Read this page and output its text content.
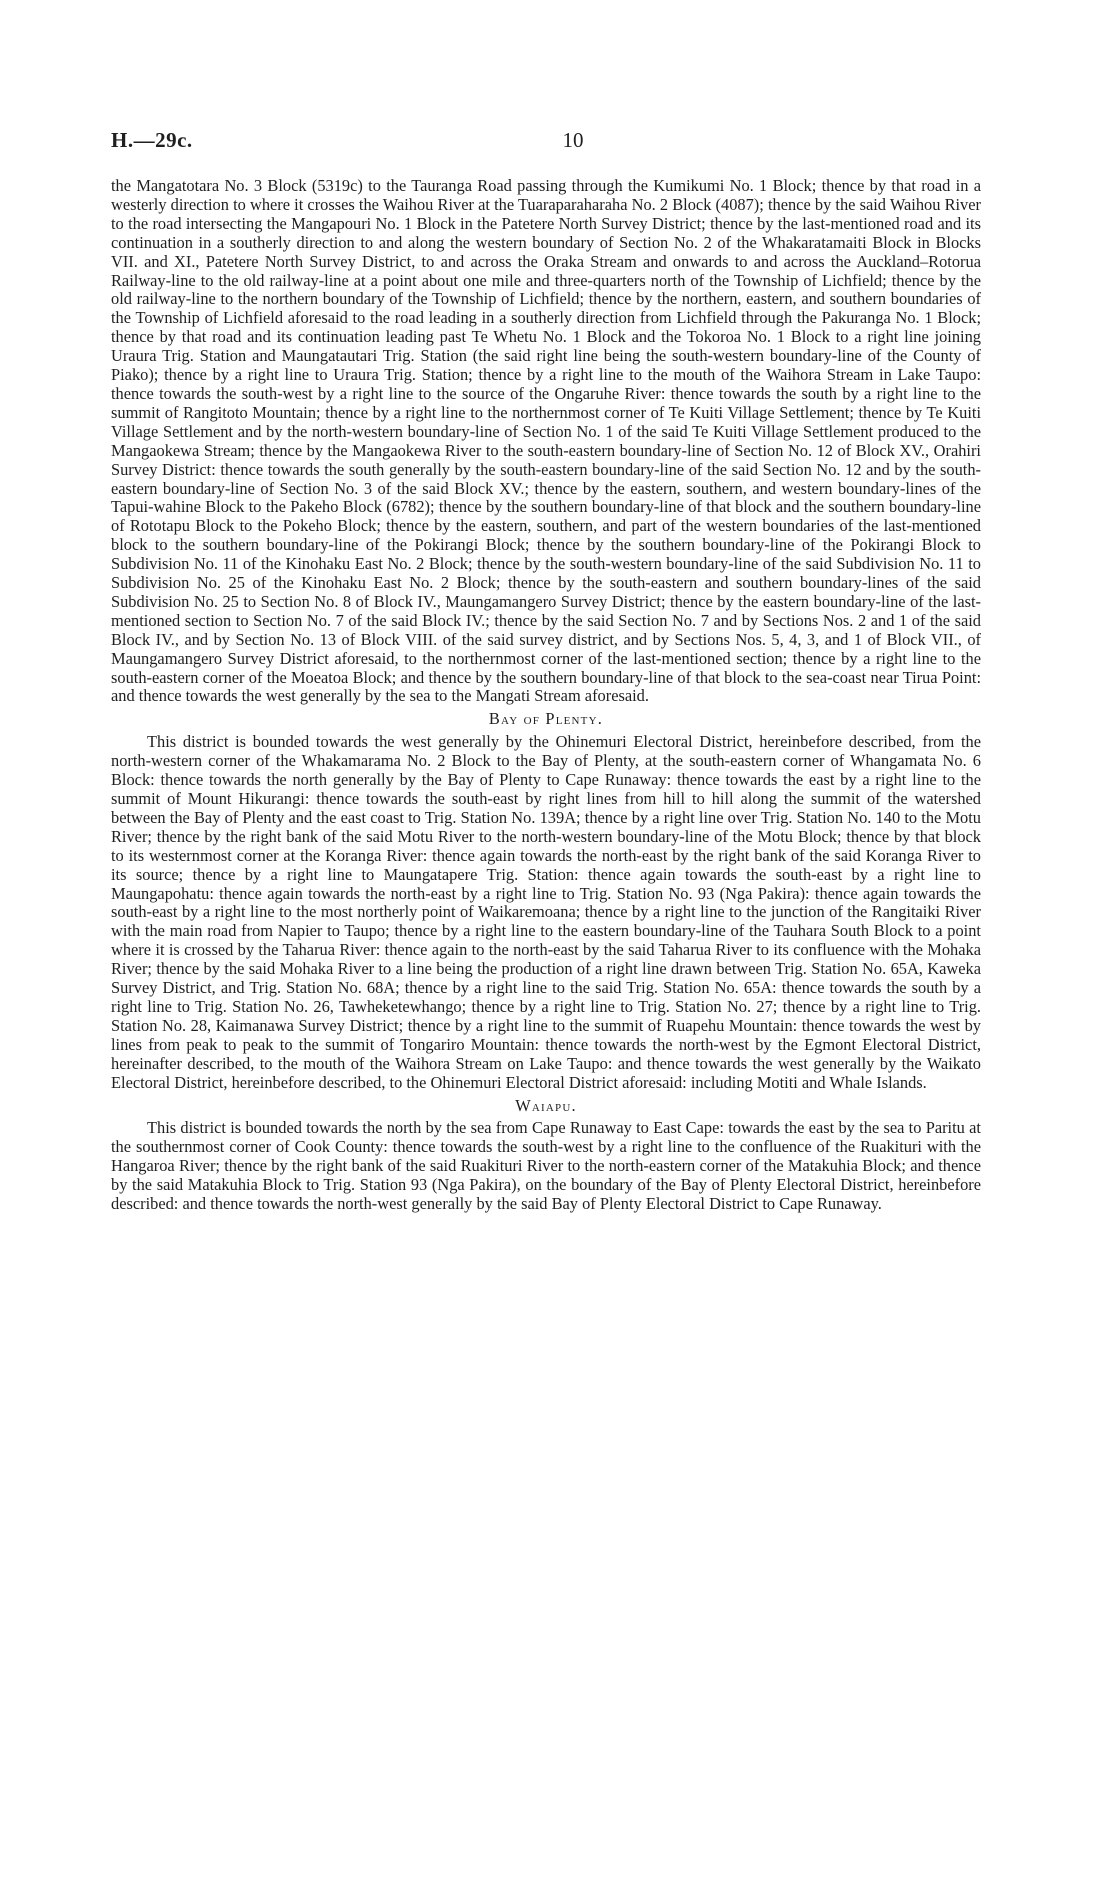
H.—29c.	10

the Mangatotara No. 3 Block (5319c) to the Tauranga Road passing through the Kumikumi No. 1 Block; thence by that road in a westerly direction to where it crosses the Waihou River at the Tuaraparaharaha No. 2 Block (4087); thence by the said Waihou River to the road intersecting the Mangapouri No. 1 Block in the Patetere North Survey District; thence by the last-mentioned road and its continuation in a southerly direction to and along the western boundary of Section No. 2 of the Whakaratamaiti Block in Blocks VII. and XI., Patetere North Survey District, to and across the Oraka Stream and onwards to and across the Auckland–Rotorua Railway-line to the old railway-line at a point about one mile and three-quarters north of the Township of Lichfield; thence by the old railway-line to the northern boundary of the Township of Lichfield; thence by the northern, eastern, and southern boundaries of the Township of Lichfield aforesaid to the road leading in a southerly direction from Lichfield through the Pakuranga No. 1 Block; thence by that road and its continuation leading past Te Whetu No. 1 Block and the Tokoroa No. 1 Block to a right line joining Uraura Trig. Station and Maungatautari Trig. Station (the said right line being the south-western boundary-line of the County of Piako); thence by a right line to Uraura Trig. Station; thence by a right line to the mouth of the Waihora Stream in Lake Taupo: thence towards the south-west by a right line to the source of the Ongaruhe River: thence towards the south by a right line to the summit of Rangitoto Mountain; thence by a right line to the northernmost corner of Te Kuiti Village Settlement; thence by Te Kuiti Village Settlement and by the north-western boundary-line of Section No. 1 of the said Te Kuiti Village Settlement produced to the Mangaokewa Stream; thence by the Mangaokewa River to the south-eastern boundary-line of Section No. 12 of Block XV., Orahiri Survey District: thence towards the south generally by the south-eastern boundary-line of the said Section No. 12 and by the south-eastern boundary-line of Section No. 3 of the said Block XV.; thence by the eastern, southern, and western boundary-lines of the Tapui-wahine Block to the Pakeho Block (6782); thence by the southern boundary-line of that block and the southern boundary-line of Rototapu Block to the Pokeho Block; thence by the eastern, southern, and part of the western boundaries of the last-mentioned block to the southern boundary-line of the Pokirangi Block; thence by the southern boundary-line of the Pokirangi Block to Subdivision No. 11 of the Kinohaku East No. 2 Block; thence by the south-western boundary-line of the said Subdivision No. 11 to Subdivision No. 25 of the Kinohaku East No. 2 Block; thence by the south-eastern and southern boundary-lines of the said Subdivision No. 25 to Section No. 8 of Block IV., Maungamangero Survey District; thence by the eastern boundary-line of the last-mentioned section to Section No. 7 of the said Block IV.; thence by the said Section No. 7 and by Sections Nos. 2 and 1 of the said Block IV., and by Section No. 13 of Block VIII. of the said survey district, and by Sections Nos. 5, 4, 3, and 1 of Block VII., of Maungamangero Survey District aforesaid, to the northernmost corner of the last-mentioned section; thence by a right line to the south-eastern corner of the Moeatoa Block; and thence by the southern boundary-line of that block to the sea-coast near Tirua Point: and thence towards the west generally by the sea to the Mangati Stream aforesaid.

Bay of Plenty.

This district is bounded towards the west generally by the Ohinemuri Electoral District, hereinbefore described, from the north-western corner of the Whakamarama No. 2 Block to the Bay of Plenty, at the south-eastern corner of Whangamata No. 6 Block: thence towards the north generally by the Bay of Plenty to Cape Runaway: thence towards the east by a right line to the summit of Mount Hikurangi: thence towards the south-east by right lines from hill to hill along the summit of the watershed between the Bay of Plenty and the east coast to Trig. Station No. 139A; thence by a right line over Trig. Station No. 140 to the Motu River; thence by the right bank of the said Motu River to the north-western boundary-line of the Motu Block; thence by that block to its westernmost corner at the Koranga River: thence again towards the north-east by the right bank of the said Koranga River to its source; thence by a right line to Maungatapere Trig. Station: thence again towards the south-east by a right line to Maungapohatu: thence again towards the north-east by a right line to Trig. Station No. 93 (Nga Pakira): thence again towards the south-east by a right line to the most northerly point of Waikaremoana; thence by a right line to the junction of the Rangitaiki River with the main road from Napier to Taupo; thence by a right line to the eastern boundary-line of the Tauhara South Block to a point where it is crossed by the Taharua River: thence again to the north-east by the said Taharua River to its confluence with the Mohaka River; thence by the said Mohaka River to a line being the production of a right line drawn between Trig. Station No. 65A, Kaweka Survey District, and Trig. Station No. 68A; thence by a right line to the said Trig. Station No. 65A: thence towards the south by a right line to Trig. Station No. 26, Tawheketewhango; thence by a right line to Trig. Station No. 27; thence by a right line to Trig. Station No. 28, Kaimanawa Survey District; thence by a right line to the summit of Ruapehu Mountain: thence towards the west by lines from peak to peak to the summit of Tongariro Mountain: thence towards the north-west by the Egmont Electoral District, hereinafter described, to the mouth of the Waihora Stream on Lake Taupo: and thence towards the west generally by the Waikato Electoral District, hereinbefore described, to the Ohinemuri Electoral District aforesaid: including Motiti and Whale Islands.

Waiapu.

This district is bounded towards the north by the sea from Cape Runaway to East Cape: towards the east by the sea to Paritu at the southernmost corner of Cook County: thence towards the south-west by a right line to the confluence of the Ruakituri with the Hangaroa River; thence by the right bank of the said Ruakituri River to the north-eastern corner of the Matakuhia Block; and thence by the said Matakuhia Block to Trig. Station 93 (Nga Pakira), on the boundary of the Bay of Plenty Electoral District, hereinbefore described: and thence towards the north-west generally by the said Bay of Plenty Electoral District to Cape Runaway.
